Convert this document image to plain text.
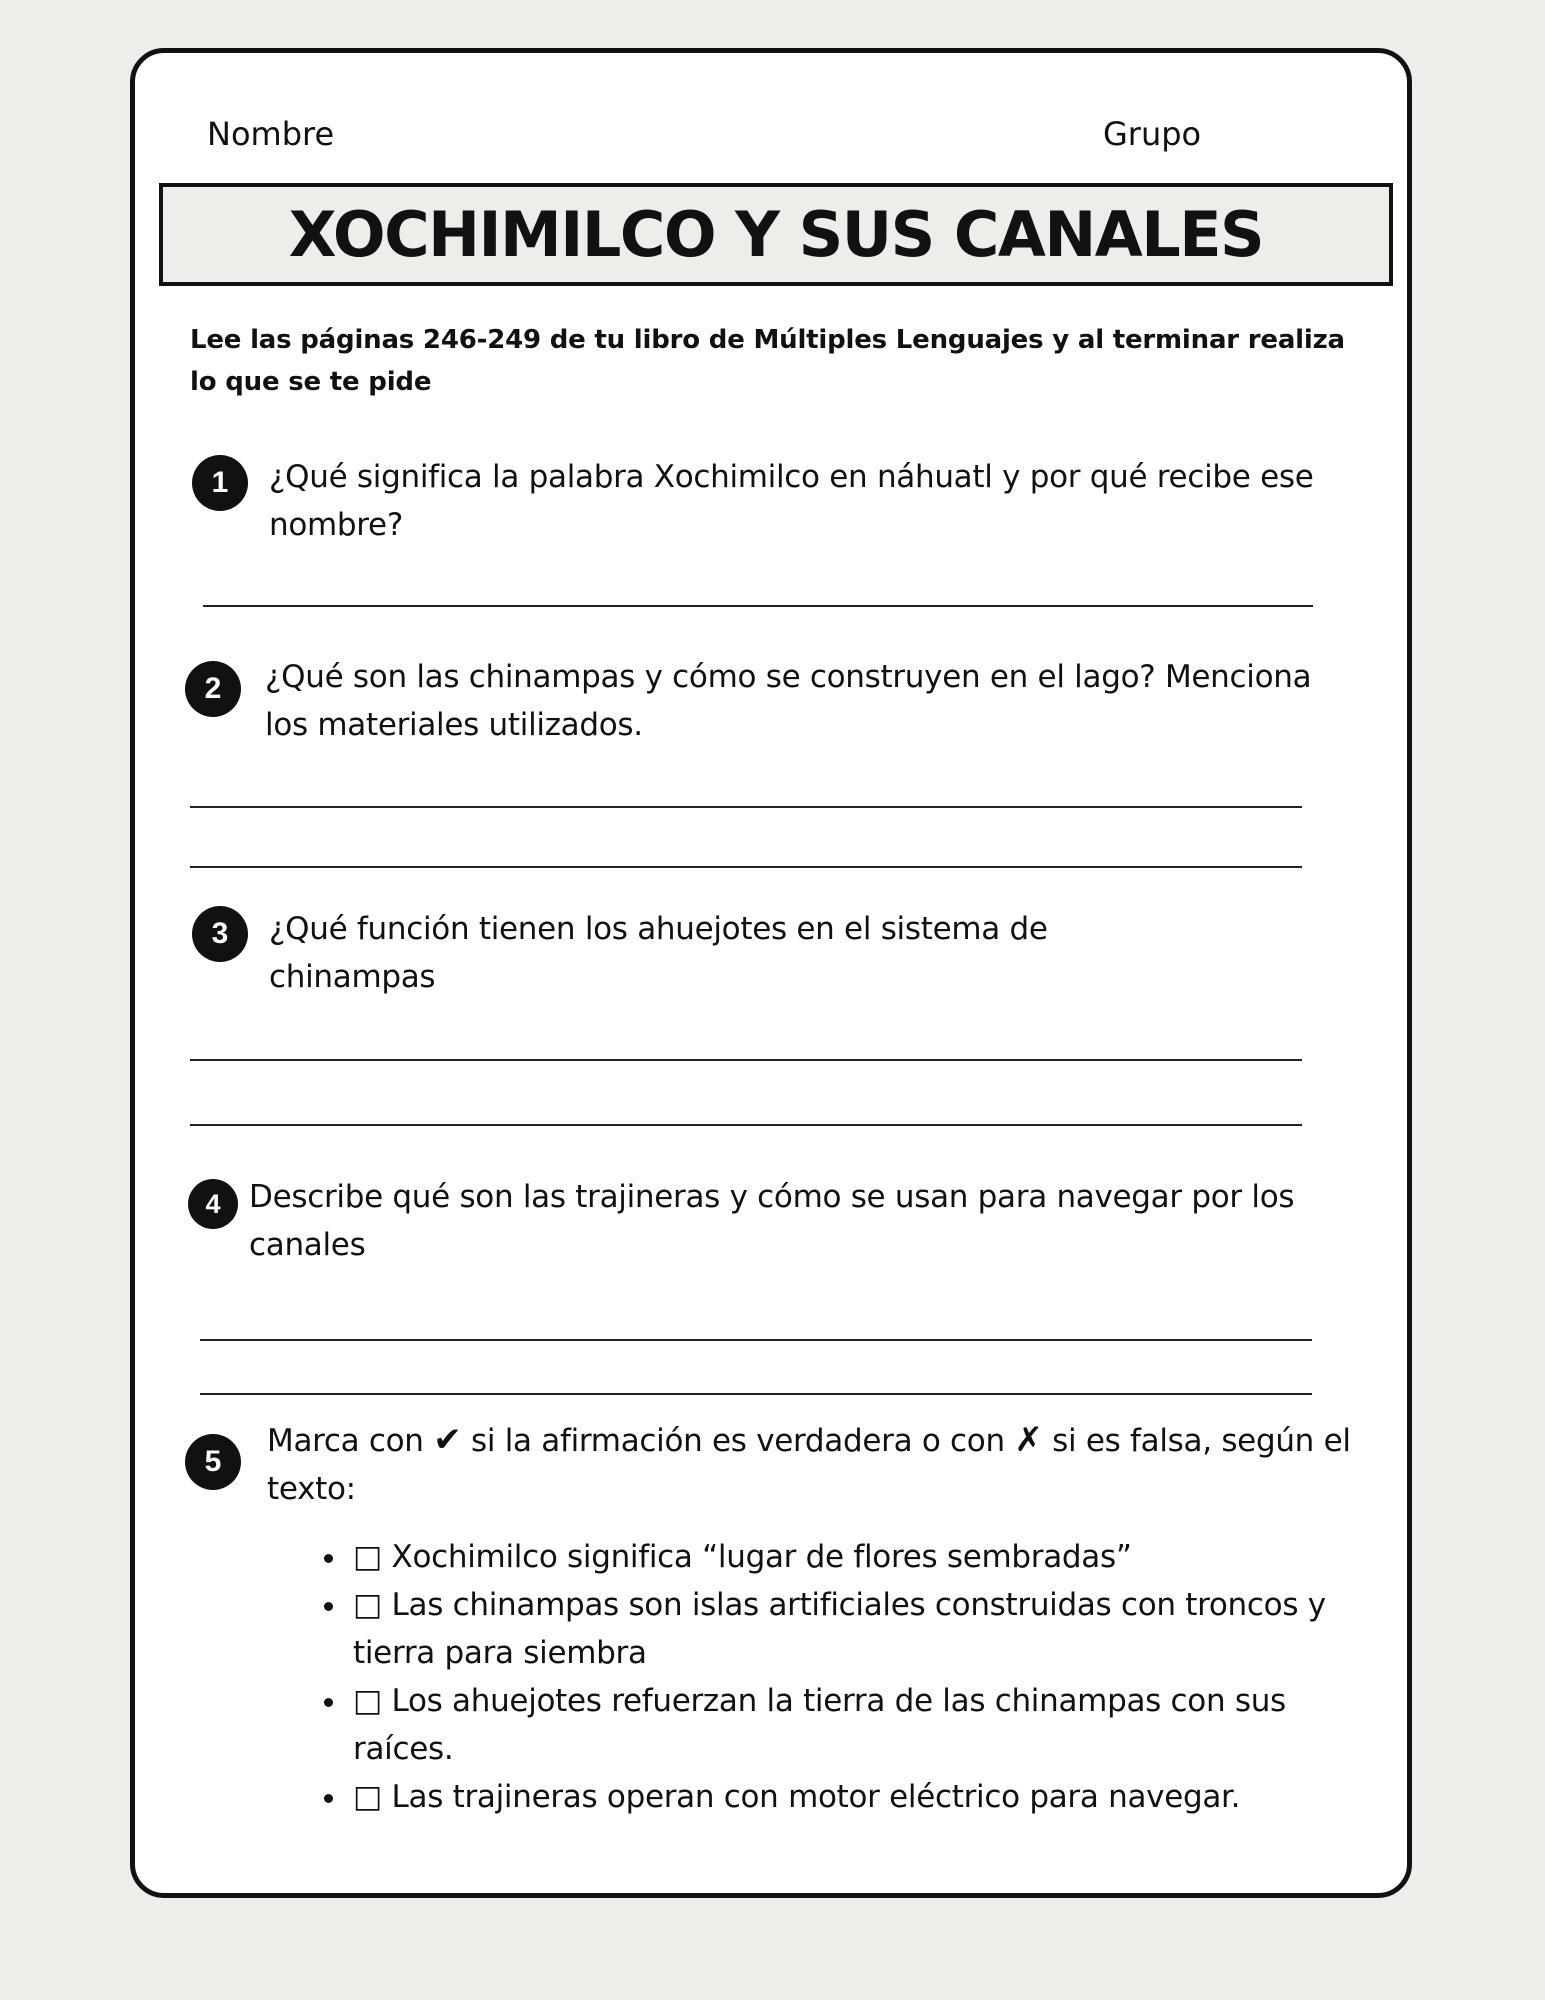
Nombre	Grupo
XOCHIMILCO Y SUS CANALES
Lee las páginas 246-249 de tu libro de Múltiples Lenguajes y al terminar realiza lo que se te pide
1	¿Qué significa la palabra Xochimilco en náhuatl y por qué recibe ese nombre?
2	¿Qué son las chinampas y cómo se construyen en el lago? Menciona los materiales utilizados.
3	¿Qué función tienen los ahuejotes en el sistema de chinampas
4 Describe qué son las trajineras y cómo se usan para navegar por los canales
5
Marca con ✔ si la afirmación es verdadera o con ✗ si es falsa, según el texto:
• □ Xochimilco significa “lugar de flores sembradas”
• □ Las chinampas son islas artificiales construidas con troncos y tierra para siembra
• □ Los ahuejotes refuerzan la tierra de las chinampas con sus raíces.
• □ Las trajineras operan con motor eléctrico para navegar.
